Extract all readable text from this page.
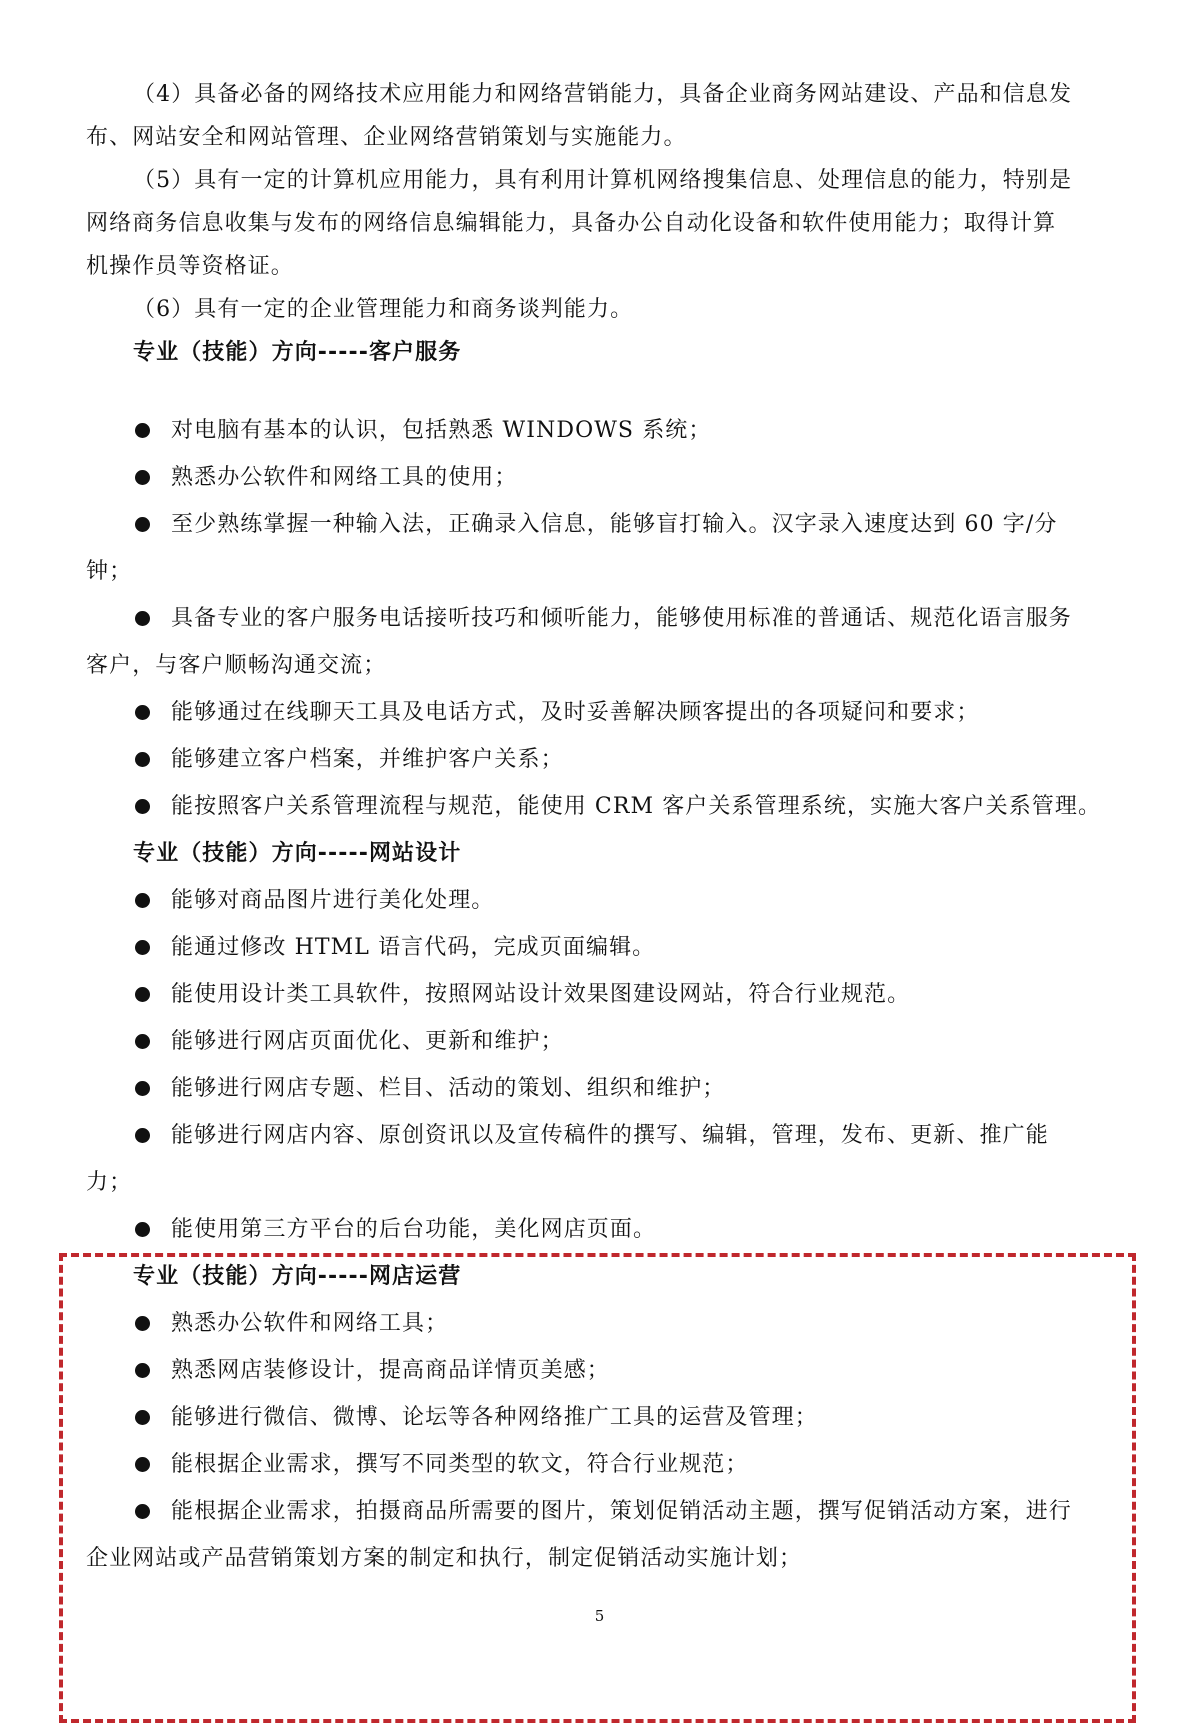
（4）具备必备的网络技术应用能力和网络营销能力，具备企业商务网站建设、产品和信息发
布、网站安全和网站管理、企业网络营销策划与实施能力。
（5）具有一定的计算机应用能力，具有利用计算机网络搜集信息、处理信息的能力，特别是
网络商务信息收集与发布的网络信息编辑能力，具备办公自动化设备和软件使用能力；取得计算
机操作员等资格证。
（6）具有一定的企业管理能力和商务谈判能力。
专业（技能）方向-----客户服务
对电脑有基本的认识，包括熟悉 WINDOWS 系统；
熟悉办公软件和网络工具的使用；
至少熟练掌握一种输入法，正确录入信息，能够盲打输入。汉字录入速度达到 60 字/分
钟；
具备专业的客户服务电话接听技巧和倾听能力，能够使用标准的普通话、规范化语言服务
客户，与客户顺畅沟通交流；
能够通过在线聊天工具及电话方式，及时妥善解决顾客提出的各项疑问和要求；
能够建立客户档案，并维护客户关系；
能按照客户关系管理流程与规范，能使用 CRM 客户关系管理系统，实施大客户关系管理。
专业（技能）方向-----网站设计
能够对商品图片进行美化处理。
能通过修改 HTML 语言代码，完成页面编辑。
能使用设计类工具软件，按照网站设计效果图建设网站，符合行业规范。
能够进行网店页面优化、更新和维护；
能够进行网店专题、栏目、活动的策划、组织和维护；
能够进行网店内容、原创资讯以及宣传稿件的撰写、编辑，管理，发布、更新、推广能
力；
能使用第三方平台的后台功能，美化网店页面。
专业（技能）方向-----网店运营
熟悉办公软件和网络工具；
熟悉网店装修设计，提高商品详情页美感；
能够进行微信、微博、论坛等各种网络推广工具的运营及管理；
能根据企业需求，撰写不同类型的软文，符合行业规范；
能根据企业需求，拍摄商品所需要的图片，策划促销活动主题，撰写促销活动方案，进行
企业网站或产品营销策划方案的制定和执行，制定促销活动实施计划；
5
